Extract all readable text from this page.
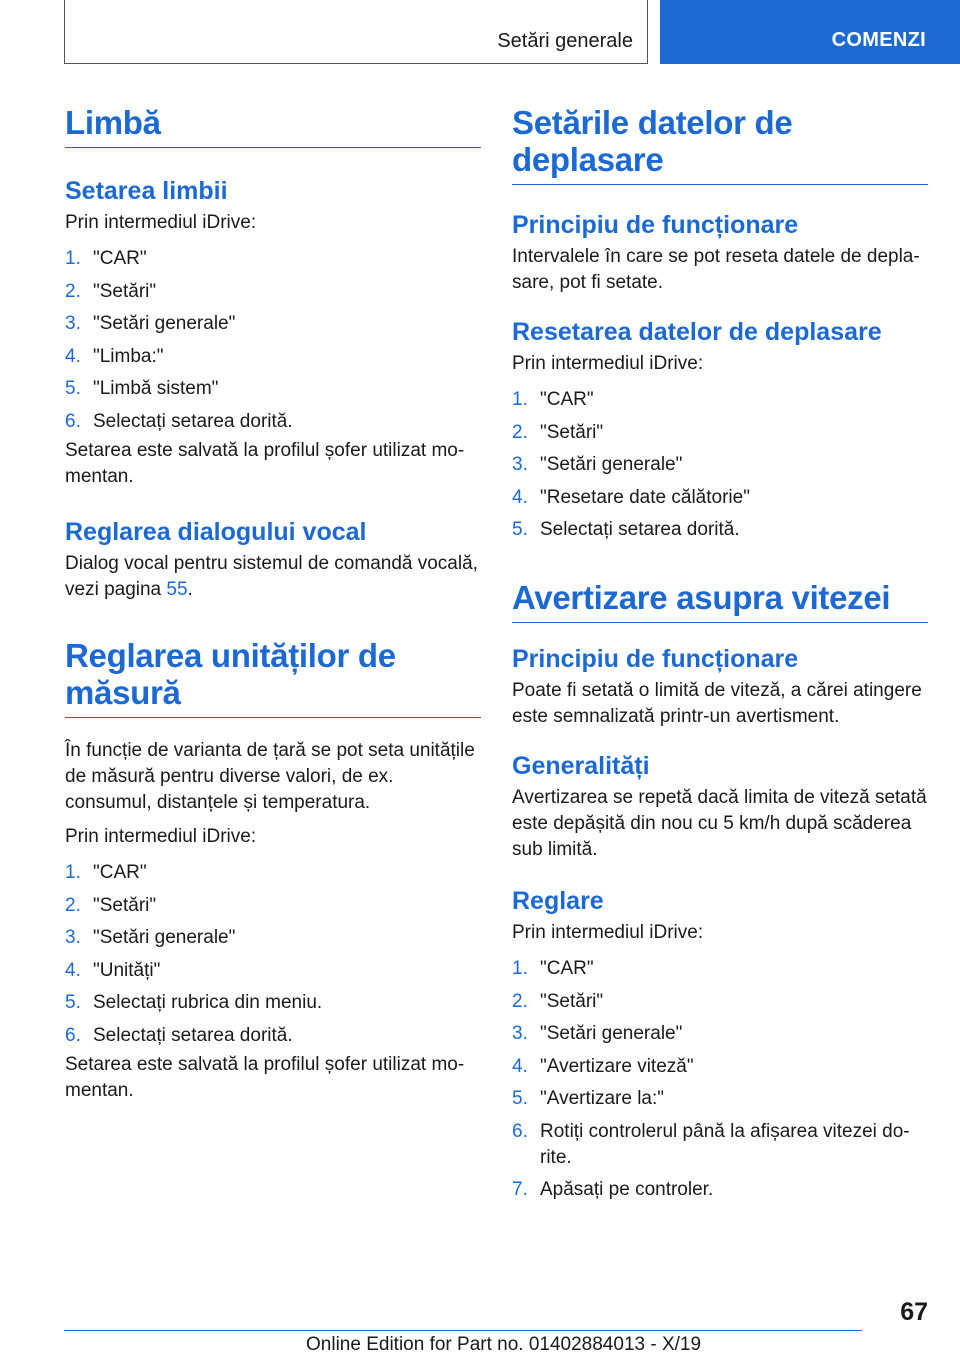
Setări generale	COMENZI
Limbă
Setarea limbii

Prin intermediul iDrive:

1. "CAR"
2. "Setări"
3. "Setări generale"
4. "Limba:"
5. "Limbă sistem"
6. Selectați setarea dorită.

Setarea este salvată la profilul șofer utilizat mo-mentan.

Reglarea dialogului vocal

Dialog vocal pentru sistemul de comandă vocală, vezi pagina 55.

Reglarea unităților de măsură

În funcție de varianta de țară se pot seta unitățile de măsură pentru diverse valori, de ex. consumul, distanțele și temperatura.

Prin intermediul iDrive:

1. "CAR"
2. "Setări"
3. "Setări generale"
4. "Unități"
5. Selectați rubrica din meniu.
6. Selectați setarea dorită.

Setarea este salvată la profilul șofer utilizat mo-mentan.

Setările datelor de deplasare
Principiu de funcționare

Intervalele în care se pot reseta datele de depla-sare, pot fi setate.

Resetarea datelor de deplasare

Prin intermediul iDrive:

1. "CAR"
2. "Setări"
3. "Setări generale"
4. "Resetare date călătorie"
5. Selectați setarea dorită.
Avertizare asupra vitezei
Principiu de funcționare

Poate fi setată o limită de viteză, a cărei atingere este semnalizată printr-un avertisment.

Generalități

Avertizarea se repetă dacă limita de viteză setată este depășită din nou cu 5 km/h după scăderea sub limită.

Reglare

Prin intermediul iDrive:

1. "CAR"
2. "Setări"
3. "Setări generale"
4. "Avertizare viteză"
5. "Avertizare la:"
6. Rotiți controlerul până la afișarea vitezei do-rite.
7. Apăsați pe controler.
67
Online Edition for Part no. 01402884013 - X/19
